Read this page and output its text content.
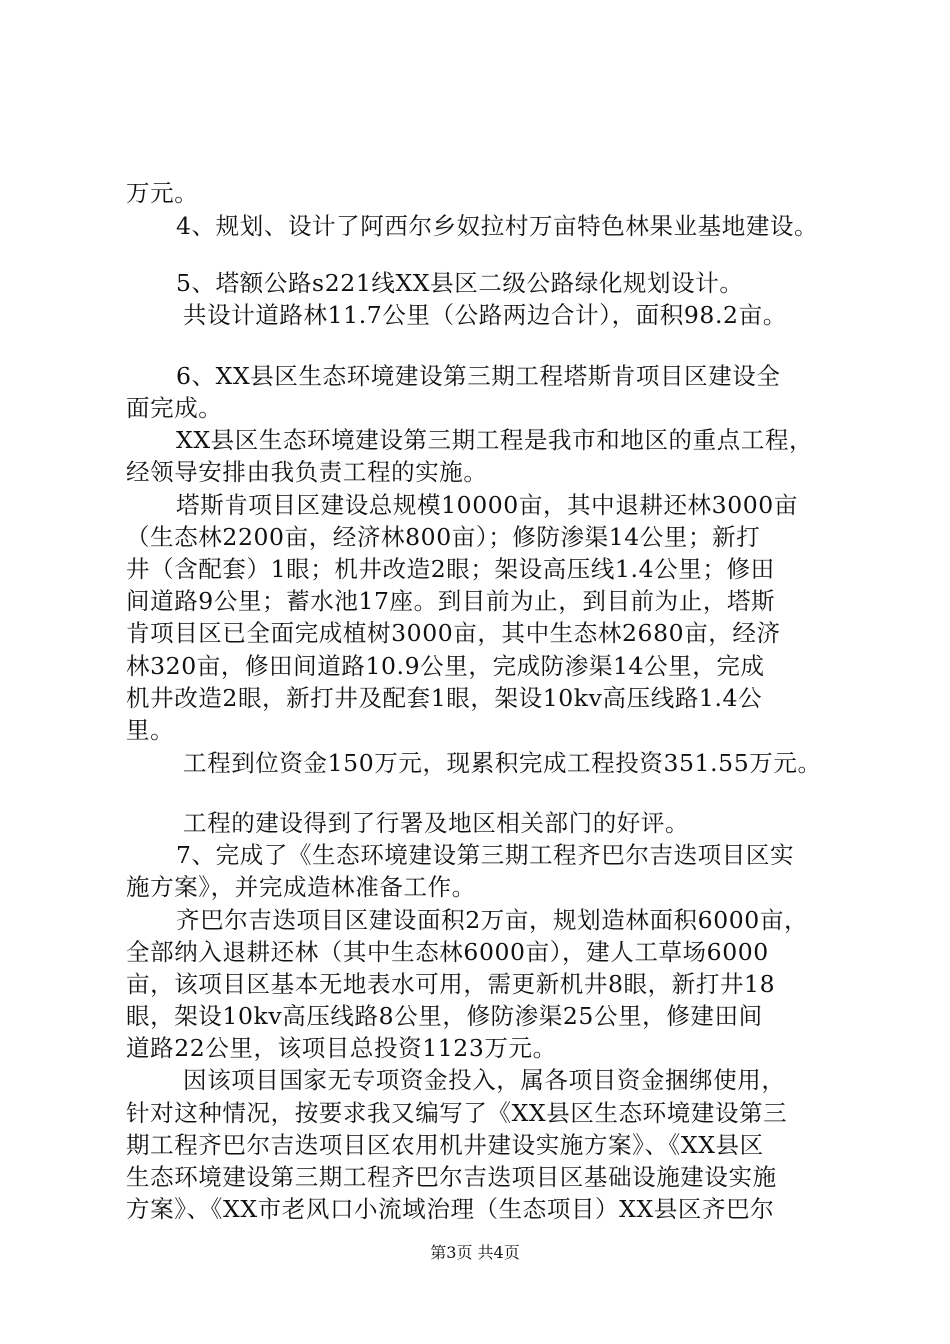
万元。
4、规划、设计了阿西尔乡奴拉村万亩特色林果业基地建设。
5、塔额公路s221线XX县区二级公路绿化规划设计。
共设计道路林11.7公里（公路两边合计），面积98.2亩。
6、XX县区生态环境建设第三期工程塔斯肯项目区建设全
面完成。
XX县区生态环境建设第三期工程是我市和地区的重点工程，
经领导安排由我负责工程的实施。
塔斯肯项目区建设总规模10000亩，其中退耕还林3000亩
（生态林2200亩，经济林800亩）；修防渗渠14公里；新打
井（含配套）1眼；机井改造2眼；架设高压线1.4公里；修田
间道路9公里；蓄水池17座。到目前为止，到目前为止，塔斯
肯项目区已全面完成植树3000亩，其中生态林2680亩，经济
林320亩，修田间道路10.9公里，完成防渗渠14公里，完成
机井改造2眼，新打井及配套1眼，架设10kv高压线路1.4公
里。
工程到位资金150万元，现累积完成工程投资351.55万元。
工程的建设得到了行署及地区相关部门的好评。
7、完成了《生态环境建设第三期工程齐巴尔吉迭项目区实
施方案》，并完成造林准备工作。
齐巴尔吉迭项目区建设面积2万亩，规划造林面积6000亩，
全部纳入退耕还林（其中生态林6000亩），建人工草场6000
亩，该项目区基本无地表水可用，需更新机井8眼，新打井18
眼，架设10kv高压线路8公里，修防渗渠25公里，修建田间
道路22公里，该项目总投资1123万元。
因该项目国家无专项资金投入，属各项目资金捆绑使用，
针对这种情况，按要求我又编写了《XX县区生态环境建设第三
期工程齐巴尔吉迭项目区农用机井建设实施方案》、《XX县区
生态环境建设第三期工程齐巴尔吉迭项目区基础设施建设实施
方案》、《XX市老风口小流域治理（生态项目）XX县区齐巴尔
第3页 共4页
